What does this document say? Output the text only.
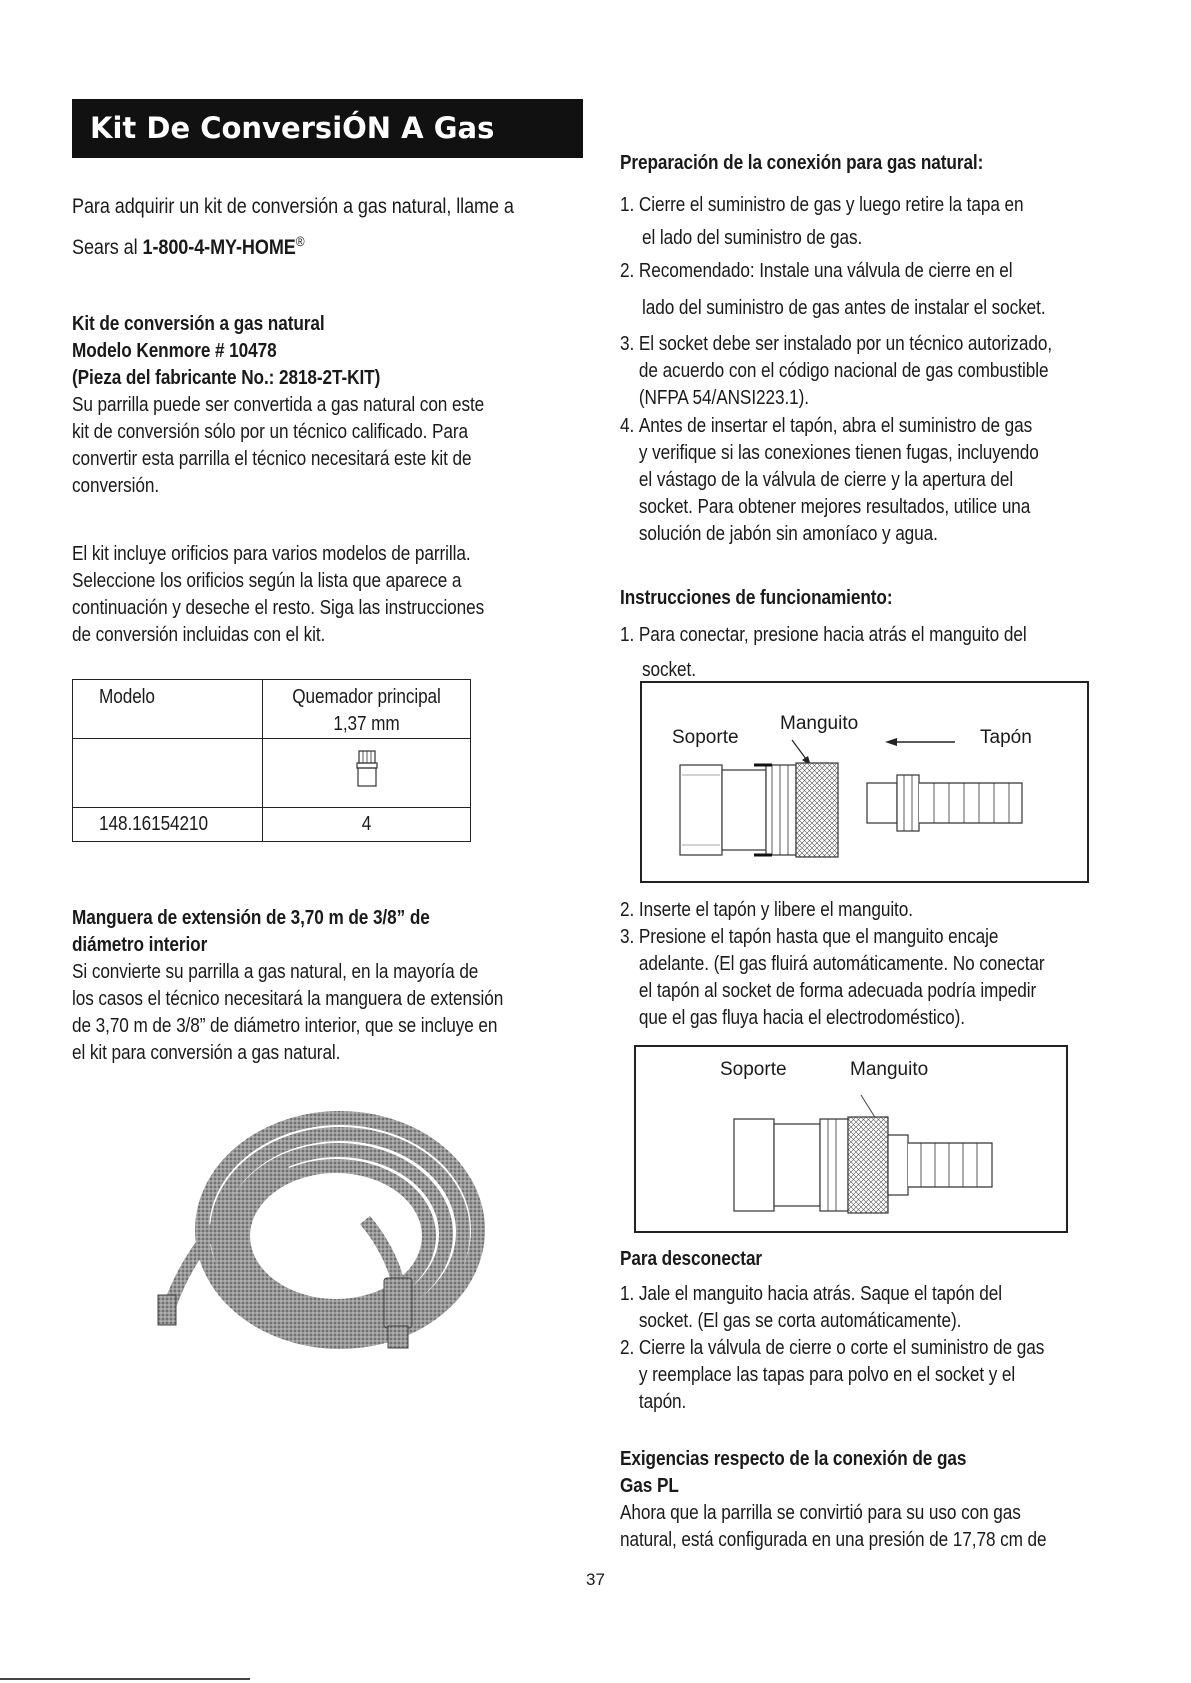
Kit De ConversiÓN A Gas Natural
Para adquirir un kit de conversión a gas natural, llame a
Sears al 1-800-4-MY-HOME®
Kit de conversión a gas natural
Modelo Kenmore # 10478
(Pieza del fabricante No.: 2818-2T-KIT)
Su parrilla puede ser convertida a gas natural con este
kit de conversión sólo por un técnico calificado. Para
convertir esta parrilla el técnico necesitará este kit de
conversión.
El kit incluye orificios para varios modelos de parrilla.
Seleccione los orificios según la lista que aparece a
continuación y deseche el resto. Siga las instrucciones
de conversión incluidas con el kit.
Modelo	Quemador principal
1,37 mm

148.16154210	4
Manguera de extensión de 3,70 m de 3/8” de
diámetro interior
Si convierte su parrilla a gas natural, en la mayoría de
los casos el técnico necesitará la manguera de extensión
de 3,70 m de 3/8” de diámetro interior, que se incluye en
el kit para conversión a gas natural.
Preparación de la conexión para gas natural:
1. Cierre el suministro de gas y luego retire la tapa en
el lado del suministro de gas.
2. Recomendado: Instale una válvula de cierre en el
lado del suministro de gas antes de instalar el socket.
3. El socket debe ser instalado por un técnico autorizado,
de acuerdo con el código nacional de gas combustible
(NFPA 54/ANSI223.1).
4. Antes de insertar el tapón, abra el suministro de gas
y verifique si las conexiones tienen fugas, incluyendo
el vástago de la válvula de cierre y la apertura del
socket. Para obtener mejores resultados, utilice una
solución de jabón sin amoníaco y agua.
Instrucciones de funcionamiento:
1. Para conectar, presione hacia atrás el manguito del
socket.
Soporte
Manguito
Tapón
2. Inserte el tapón y libere el manguito.
3. Presione el tapón hasta que el manguito encaje
adelante. (El gas fluirá automáticamente. No conectar
el tapón al socket de forma adecuada podría impedir
que el gas fluya hacia el electrodoméstico).
Soporte	Manguito
Para desconectar
1. Jale el manguito hacia atrás. Saque el tapón del
socket. (El gas se corta automáticamente).
2. Cierre la válvula de cierre o corte el suministro de gas
y reemplace las tapas para polvo en el socket y el
tapón.
Exigencias respecto de la conexión de gas
Gas PL
Ahora que la parrilla se convirtió para su uso con gas
natural, está configurada en una presión de 17,78 cm de
37
